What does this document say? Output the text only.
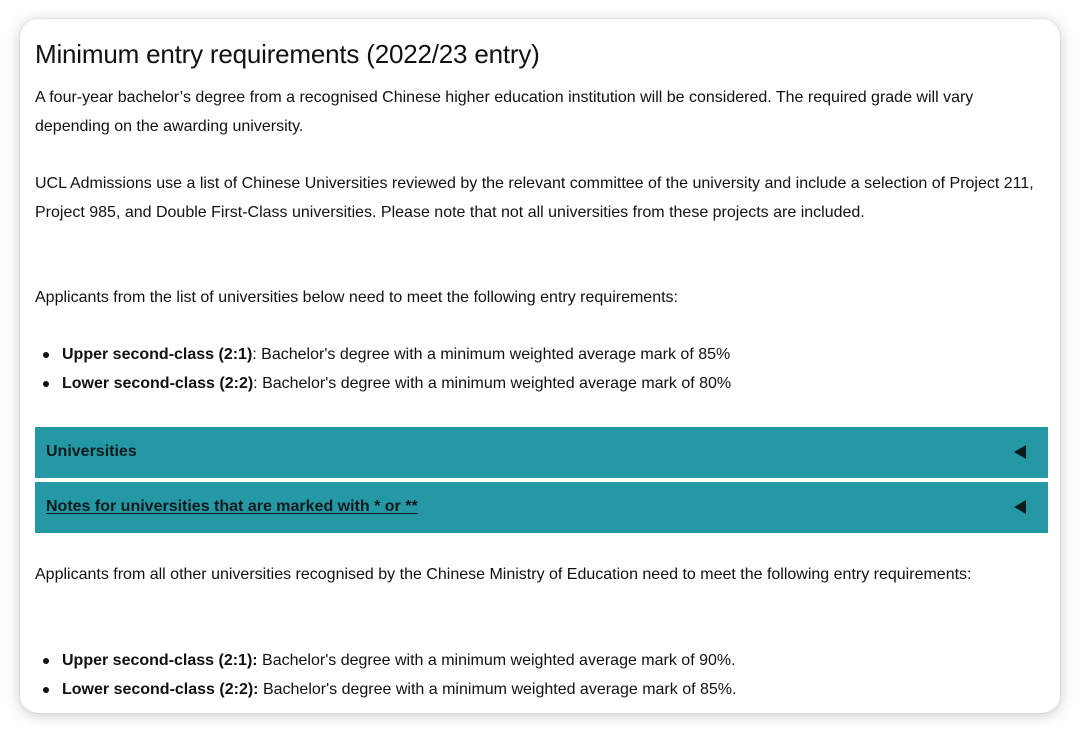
Minimum entry requirements (2022/23 entry)

A four-year bachelor’s degree from a recognised Chinese higher education institution will be considered. The required grade will vary depending on the awarding university.

UCL Admissions use a list of Chinese Universities reviewed by the relevant committee of the university and include a selection of Project 211, Project 985, and Double First-Class universities. Please note that not all universities from these projects are included.

Applicants from the list of universities below need to meet the following entry requirements:

Upper second-class (2:1): Bachelor's degree with a minimum weighted average mark of 85%
Lower second-class (2:2): Bachelor's degree with a minimum weighted average mark of 80%
Universities
Notes for universities that are marked with * or **

Applicants from all other universities recognised by the Chinese Ministry of Education need to meet the following entry requirements:

Upper second-class (2:1): Bachelor's degree with a minimum weighted average mark of 90%.
Lower second-class (2:2): Bachelor's degree with a minimum weighted average mark of 85%.
